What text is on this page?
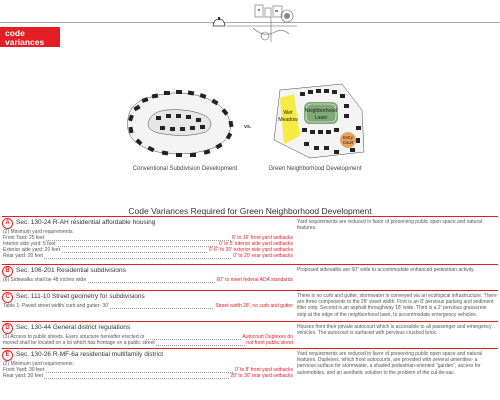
code
variances
vs.
Wet
Meadow
Neighborhood
Lawn
Entry
Court
Conventional Subdivision Development	Green Neighborhood Development
Code Variances Required for Green Neighborhood Development
A Sec. 130-24 R-AH residential affordable housing
(2) Minimum yard requirements:
Front Yard: 25 feet	8' to 16' front yard setbacks
Interior side yard: 5 feet	0' to 5' interior side yard setbacks
Exterior side yard: 20 feet	0'-6" to 20' exterior side yard setbacks
Rear yard: 20 feet	0' to 20' rear yard setbacks
Yard requirements are reduced in favor of preserving public open space and natural features.
B Sec. 106-201 Residential subdivisions
(6) Sidewalks shall be 48 inches wide	60" to meet federal ADA standards
Proposed sidewalks are 60" wide to accommodate enhanced pedestrian activity.
C Sec. 111-10 Street geometry for subdivisions
Table 1: Paved street width/ curb and gutter- 30'	Street width 28', no curb and gutter
There is no curb and gutter, stormwater is conveyed via an ecological infrastructure. There are three components to the 28' street width. First is an 8' pervious parking and sediment filter strip. Second is an asphalt throughway 18' wide. Third is a 2' pervious grasscrete strip at the edge of the neighborhood lawn, to accommodate emergency vehicles.
D Sec. 130-44 General district regulations
(3) Access to public streets. Every structure hereafter erected or	Autocourt Duplexes do
moved shall be located on a lot which has frontage on a public street	not front public street
Houses front their private autocourt which is accessible to all passenger and emergency vehicles. The autocourt is surfaced with pervious crushed brick.
E	Sec. 130-26 R-MF-6a residential multifamily district
(2) Minimum yard requirements:
Front Yard: 30 feet	0' to 8' front yard setbacks
Rear yard: 30 feet	20' to 30' rear yard setbacks
Yard requirements are reduced in favor of preserving public open space and natural features. Duplexes, which front autocourts, are provided with several amenities- a pervious surface for stormwater, a shaded pedestrian-oriented "garden", access for automobiles, and an aesthetic solution to the problem of the cul-de-sac.
